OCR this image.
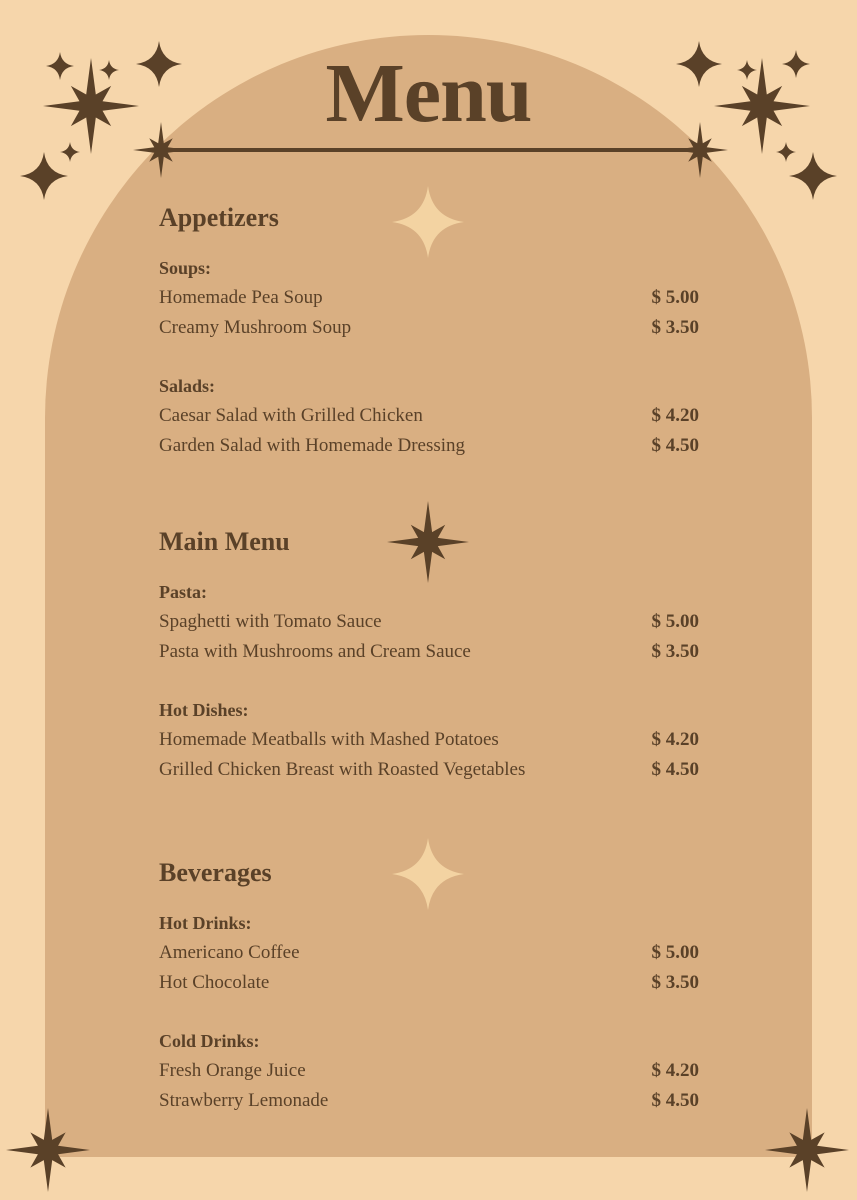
Menu
Appetizers
Soups:
Homemade Pea Soup	$ 5.00
Creamy Mushroom Soup	$ 3.50
Salads:
Caesar Salad with Grilled Chicken	$ 4.20
Garden Salad with Homemade Dressing	$ 4.50
Main Menu
Pasta:
Spaghetti with Tomato Sauce	$ 5.00
Pasta with Mushrooms and Cream Sauce	$ 3.50
Hot Dishes:
Homemade Meatballs with Mashed Potatoes	$ 4.20
Grilled Chicken Breast with Roasted Vegetables	$ 4.50
Beverages
Hot Drinks:
Americano Coffee	$ 5.00
Hot Chocolate	$ 3.50
Cold Drinks:
Fresh Orange Juice	$ 4.20
Strawberry Lemonade	$ 4.50
